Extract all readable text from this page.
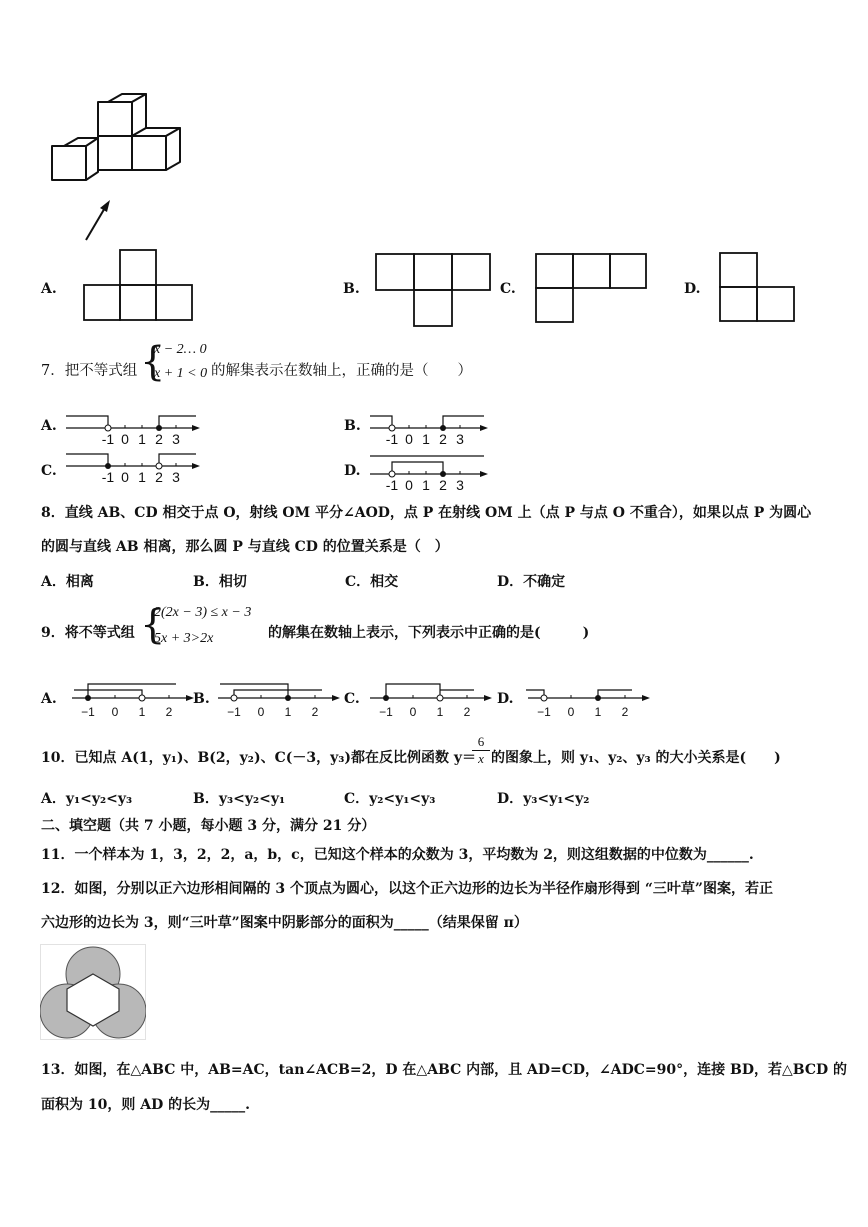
A.	B.	C.	D.
7．把不等式组 {
x − 2… 0
x + 1 < 0 的解集表示在数轴上，正确的是（　　）
A.
-1 0 1 2 3
B.
-1 0 1 2 3
C.	-1 0 1 2 3	D.
-1 0 1 2 3
8．直线 AB、CD 相交于点 O，射线 OM 平分∠AOD，点 P 在射线 OM 上（点 P 与点 O 不重合），如果以点 P 为圆心
的圆与直线 AB 相离，那么圆 P 与直线 CD 的位置关系是（　）
A．相离	B．相切	C．相交	D．不确定
9．将不等式组 {
2(2x − 3) ≤ x − 3
5x + 3>2x	的解集在数轴上表示，下列表示中正确的是(　　　)
A.
−1 0 1 2
B.
−1 0 1 2
C.
−1 0 1 2
D.
−1 0 1 2
10．已知点 A(1，y₁)、B(2，y₂)、C(－3，y₃)都在反比例函数 y＝
$\frac{6}{x}$ 的图象上，则 y₁、y₂、y₃ 的大小关系是(　　)
A．y₁<y₂<y₃	B．y₃<y₂<y₁	C．y₂<y₁<y₃	D．y₃<y₁<y₂
二、填空题（共 7 小题，每小题 3 分，满分 21 分）
11．一个样本为 1，3，2，2，a，b，c，已知这个样本的众数为 3，平均数为 2，则这组数据的中位数为______.
12．如图，分别以正六边形相间隔的 3 个顶点为圆心，以这个正六边形的边长为半径作扇形得到 “三叶草”图案，若正
六边形的边长为 3，则“三叶草”图案中阴影部分的面积为_____（结果保留 π）
13．如图，在△ABC 中，AB=AC，tan∠ACB=2，D 在△ABC 内部，且 AD=CD，∠ADC=90°，连接 BD，若△BCD 的
面积为 10，则 AD 的长为_____.
